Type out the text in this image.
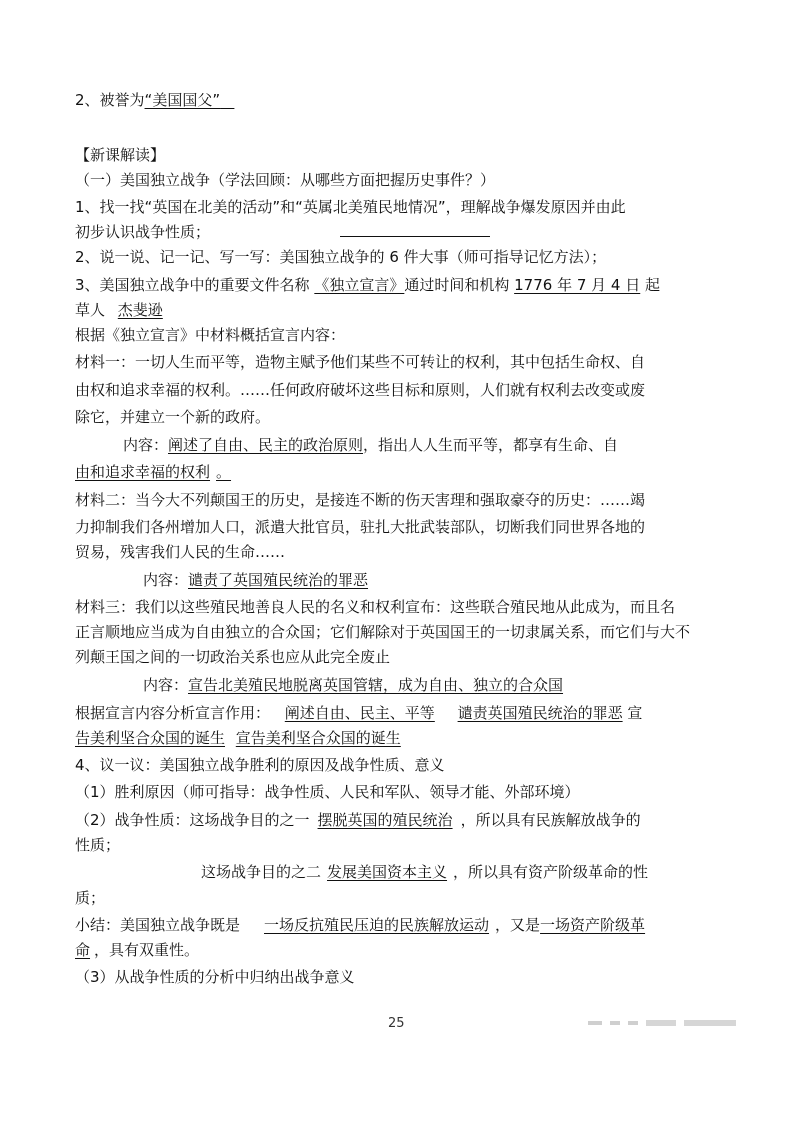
2、被誉为“美国国父”
【新课解读】
（一）美国独立战争（学法回顾：从哪些方面把握历史事件？）
1、找一找“英国在北美的活动”和“英属北美殖民地情况”，理解战争爆发原因并由此
初步认识战争性质；
2、说一说、记一记、写一写：美国独立战争的 6 件大事（师可指导记忆方法）；
3、美国独立战争中的重要文件名称 《独立宣言》通过时间和机构 1776 年 7 月 4 日 起
草人 杰斐逊
根据《独立宣言》中材料概括宣言内容：
材料一：一切人生而平等，造物主赋予他们某些不可转让的权利，其中包括生命权、自
由权和追求幸福的权利。……任何政府破坏这些目标和原则，人们就有权利去改变或废
除它，并建立一个新的政府。
内容：阐述了自由、民主的政治原则，指出人人生而平等，都享有生命、自
由和追求幸福的权利 。
材料二：当今大不列颠国王的历史，是接连不断的伤天害理和强取豪夺的历史：……竭
力抑制我们各州增加人口，派遣大批官员，驻扎大批武装部队，切断我们同世界各地的
贸易，残害我们人民的生命……
内容：谴责了英国殖民统治的罪恶
材料三：我们以这些殖民地善良人民的名义和权利宣布：这些联合殖民地从此成为，而且名
正言顺地应当成为自由独立的合众国；它们解除对于英国国王的一切隶属关系，而它们与大不
列颠王国之间的一切政治关系也应从此完全废止
内容：宣告北美殖民地脱离英国管辖，成为自由、独立的合众国
根据宣言内容分析宣言作用： 阐述自由、民主、平等 谴责英国殖民统治的罪恶 宣
告美利坚合众国的诞生 宣告美利坚合众国的诞生
4、议一议：美国独立战争胜利的原因及战争性质、意义
（1）胜利原因（师可指导：战争性质、人民和军队、领导才能、外部环境）
（2）战争性质：这场战争目的之一 摆脱英国的殖民统治 ，所以具有民族解放战争的
性质；
这场战争目的之二 发展美国资本主义 ，所以具有资产阶级革命的性
质；
小结：美国独立战争既是 一场反抗殖民压迫的民族解放运动 ，又是一场资产阶级革
命 ，具有双重性。
（3）从战争性质的分析中归纳出战争意义
25
